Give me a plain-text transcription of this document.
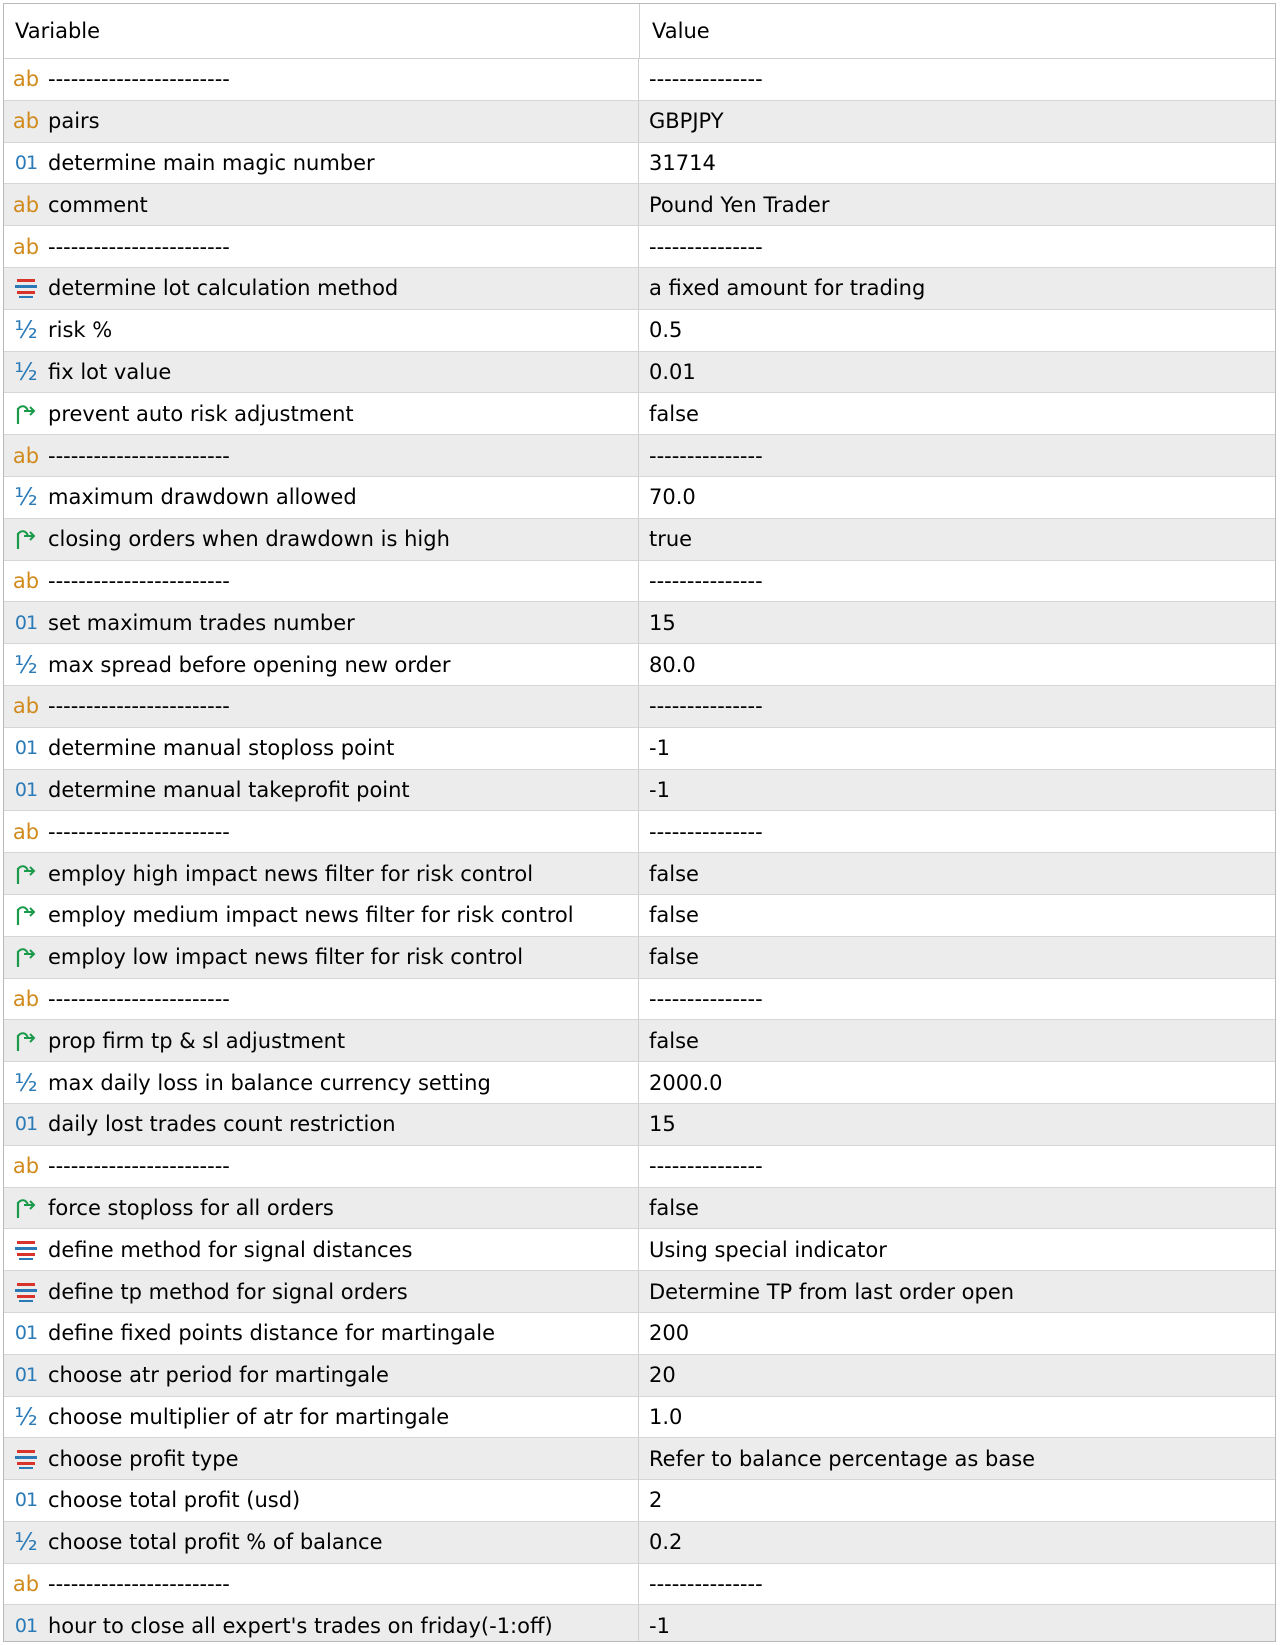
Variable	Value
ab ------------------------	---------------
ab pairs	GBPJPY
01 determine main magic number	31714
ab comment	Pound Yen Trader
ab ------------------------	---------------
determine lot calculation method	a fixed amount for trading
½ risk %	0.5
½ fix lot value	0.01
prevent auto risk adjustment	false
ab ------------------------	---------------
½ maximum drawdown allowed	70.0
closing orders when drawdown is high	true
ab ------------------------	---------------
01 set maximum trades number	15
½ max spread before opening new order	80.0
ab ------------------------	---------------
01 determine manual stoploss point	-1
01 determine manual takeprofit point	-1
ab ------------------------	---------------
employ high impact news filter for risk control	false
employ medium impact news filter for risk control	false
employ low impact news filter for risk control	false
ab ------------------------	---------------
prop firm tp & sl adjustment	false
½ max daily loss in balance currency setting	2000.0
01 daily lost trades count restriction	15
ab ------------------------	---------------
force stoploss for all orders	false
define method for signal distances	Using special indicator
define tp method for signal orders	Determine TP from last order open
01 define fixed points distance for martingale	200
01 choose atr period for martingale	20
½ choose multiplier of atr for martingale	1.0
choose profit type	Refer to balance percentage as base
01 choose total profit (usd)	2
½ choose total profit % of balance	0.2
ab ------------------------	---------------
01 hour to close all expert's trades on friday(-1:off)	-1
